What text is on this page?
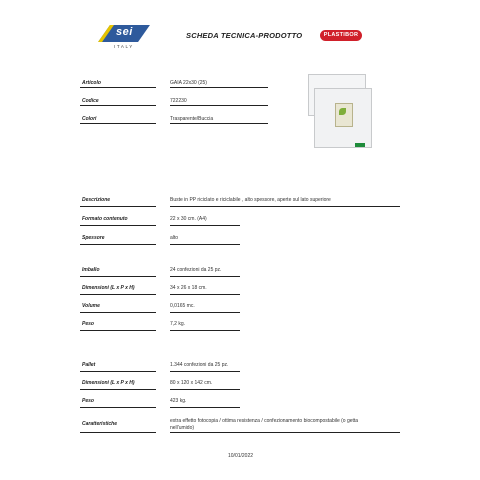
sei
ITALY
SCHEDA TECNICA-PRODOTTO	PLASTIBOR
Articolo	GAIA 22x30 (25)
Codice	722230
Colori	Trasparente/Buccia
Descrizione	Buste in PP riciclato e riciclabile , alto spessore, aperte sul lato superiore
Formato contenuto	22 x 30 cm. (A4)
Spessore	alto
Imballo	24 confezioni da 25 pz.
Dimensioni (L x P x H)	34 x 26 x 18 cm.
Volume	0,0165 mc.
Peso	7,2 kg.
Pallet	1.344 confezioni da 25 pz.
Dimensioni (L x P x H)	80 x 120 x 142 cm.
Peso	423 kg.
Caratteristiche	extra effetto fotocopia / ottima resistenza / confezionamento biocompostabile (o getta nell'umido)
10/01/2022
